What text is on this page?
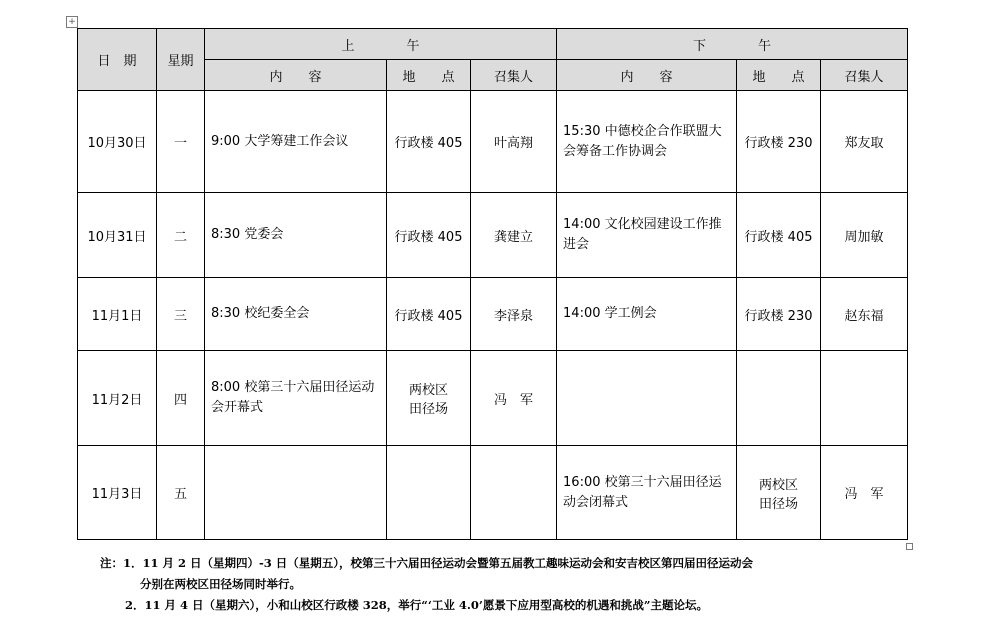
+
日　期	星期	上　　　　午			下　　　　午		
		内　　容	地　　点	召集人	内　　容	地　　点	召集人
10月30日	一	9:00 大学筹建工作会议	行政楼 405	叶高翔	15:30 中德校企合作联盟大会筹备工作协调会	行政楼 230	郑友取
10月31日	二	8:30 党委会	行政楼 405	龚建立	14:00 文化校园建设工作推进会	行政楼 405	周加敏
11月1日	三	8:30 校纪委全会	行政楼 405	李泽泉	14:00 学工例会	行政楼 230	赵东福
11月2日	四	8:00 校第三十六届田径运动会开幕式	两校区田径场	冯　军			
11月3日	五				16:00 校第三十六届田径运动会闭幕式	两校区田径场	冯　军
注：1．11 月 2 日（星期四）-3 日（星期五），校第三十六届田径运动会暨第五届教工趣味运动会和安吉校区第四届田径运动会
分别在两校区田径场同时举行。
2．11 月 4 日（星期六），小和山校区行政楼 328，举行“‘工业 4.0’愿景下应用型高校的机遇和挑战”主题论坛。
